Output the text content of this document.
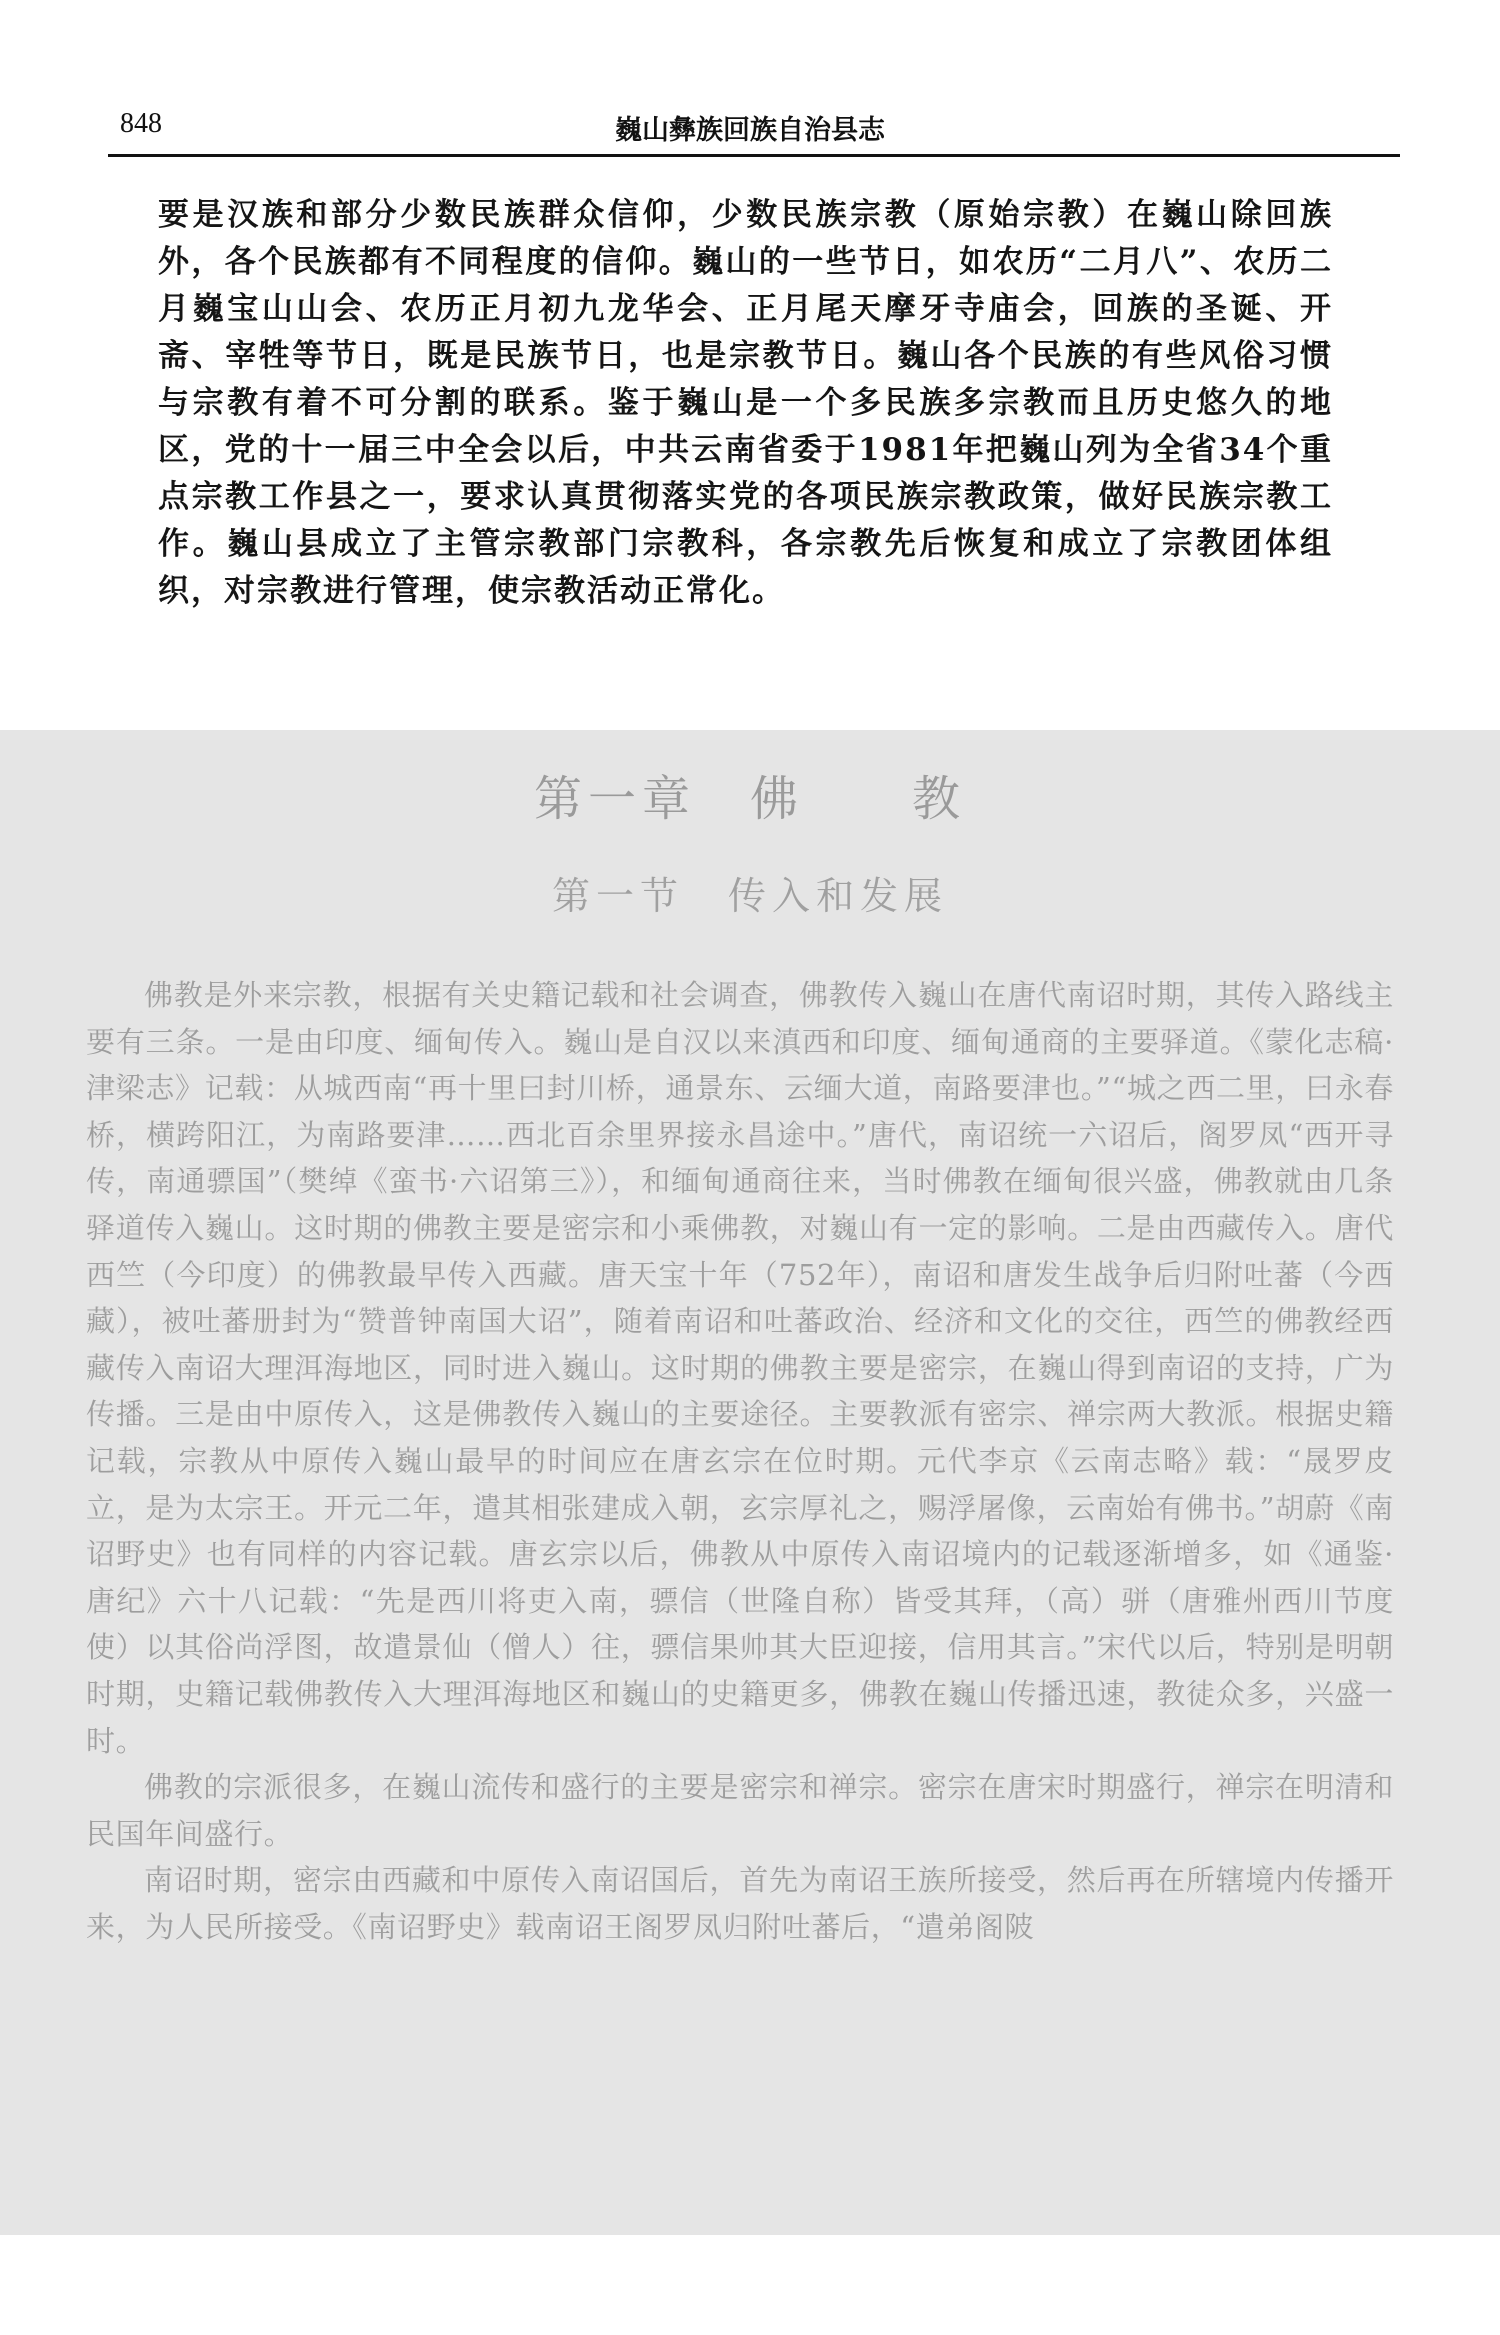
848	巍山彝族回族自治县志

要是汉族和部分少数民族群众信仰，少数民族宗教（原始宗教）在巍山除回族外，各个民族都有不同程度的信仰。巍山的一些节日，如农历“二月八”、农历二月巍宝山山会、农历正月初九龙华会、正月尾天摩牙寺庙会，回族的圣诞、开斋、宰牲等节日，既是民族节日，也是宗教节日。巍山各个民族的有些风俗习惯与宗教有着不可分割的联系。鉴于巍山是一个多民族多宗教而且历史悠久的地区，党的十一届三中全会以后，中共云南省委于1981年把巍山列为全省34个重点宗教工作县之一，要求认真贯彻落实党的各项民族宗教政策，做好民族宗教工作。巍山县成立了主管宗教部门宗教科，各宗教先后恢复和成立了宗教团体组织，对宗教进行管理，使宗教活动正常化。

第一章　佛　　教
第一节　传入和发展

佛教是外来宗教，根据有关史籍记载和社会调查，佛教传入巍山在唐代南诏时期，其传入路线主要有三条。一是由印度、缅甸传入。巍山是自汉以来滇西和印度、缅甸通商的主要驿道。《蒙化志稿·津梁志》记载：从城西南“再十里曰封川桥，通景东、云缅大道，南路要津也。”“城之西二里，曰永春桥，横跨阳江，为南路要津……西北百余里界接永昌途中。”唐代，南诏统一六诏后，阁罗凤“西开寻传，南通骠国”（樊绰《蛮书·六诏第三》），和缅甸通商往来，当时佛教在缅甸很兴盛，佛教就由几条驿道传入巍山。这时期的佛教主要是密宗和小乘佛教，对巍山有一定的影响。二是由西藏传入。唐代西竺（今印度）的佛教最早传入西藏。唐天宝十年（752年），南诏和唐发生战争后归附吐蕃（今西藏），被吐蕃册封为“赞普钟南国大诏”，随着南诏和吐蕃政治、经济和文化的交往，西竺的佛教经西藏传入南诏大理洱海地区，同时进入巍山。这时期的佛教主要是密宗，在巍山得到南诏的支持，广为传播。三是由中原传入，这是佛教传入巍山的主要途径。主要教派有密宗、禅宗两大教派。根据史籍记载，宗教从中原传入巍山最早的时间应在唐玄宗在位时期。元代李京《云南志略》载：“晟罗皮立，是为太宗王。开元二年，遣其相张建成入朝，玄宗厚礼之，赐浮屠像，云南始有佛书。”胡蔚《南诏野史》也有同样的内容记载。唐玄宗以后，佛教从中原传入南诏境内的记载逐渐增多，如《通鉴·唐纪》六十八记载：“先是西川将吏入南，骠信（世隆自称）皆受其拜，（高）骈（唐雅州西川节度使）以其俗尚浮图，故遣景仙（僧人）往，骠信果帅其大臣迎接，信用其言。”宋代以后，特别是明朝时期，史籍记载佛教传入大理洱海地区和巍山的史籍更多，佛教在巍山传播迅速，教徒众多，兴盛一时。

佛教的宗派很多，在巍山流传和盛行的主要是密宗和禅宗。密宗在唐宋时期盛行，禅宗在明清和民国年间盛行。

南诏时期，密宗由西藏和中原传入南诏国后，首先为南诏王族所接受，然后再在所辖境内传播开来，为人民所接受。《南诏野史》载南诏王阁罗凤归附吐蕃后，“遣弟阁陂
